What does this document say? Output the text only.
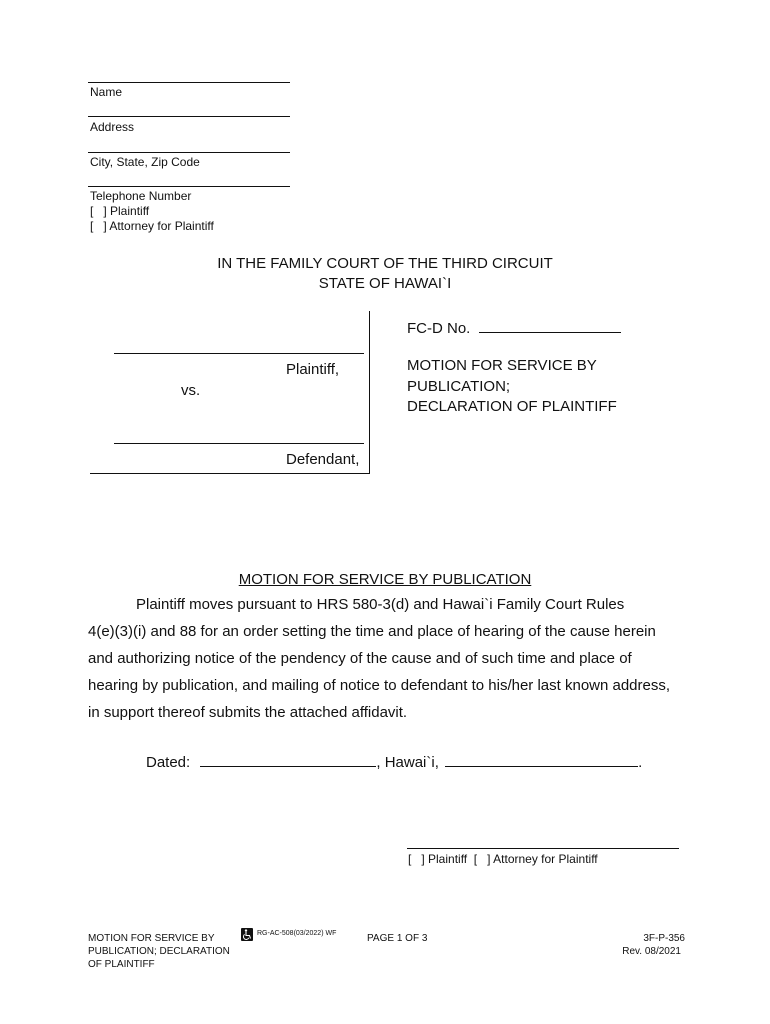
Name
Address
City, State, Zip Code
Telephone Number
[   ] Plaintiff
[   ] Attorney for Plaintiff
IN THE FAMILY COURT OF THE THIRD CIRCUIT
STATE OF HAWAI`I
Plaintiff,
vs.
Defendant,
FC-D No.
MOTION FOR SERVICE BY
PUBLICATION;
DECLARATION OF PLAINTIFF
MOTION FOR SERVICE BY PUBLICATION
Plaintiff moves pursuant to HRS 580-3(d) and Hawai`i Family Court Rules
4(e)(3)(i) and 88 for an order setting the time and place of hearing of the cause herein
and authorizing notice of the pendency of the cause and of such time and place of
hearing by publication, and mailing of notice to defendant to his/her last known address,
in support thereof submits the attached affidavit.
Dated:	, Hawai`i,	.
[   ] Plaintiff  [   ] Attorney for Plaintiff
MOTION FOR SERVICE BY
PUBLICATION; DECLARATION
OF PLAINTIFF
RG-AC-508(03/2022) WF	PAGE 1 OF 3	3F-P-356
Rev. 08/2021
